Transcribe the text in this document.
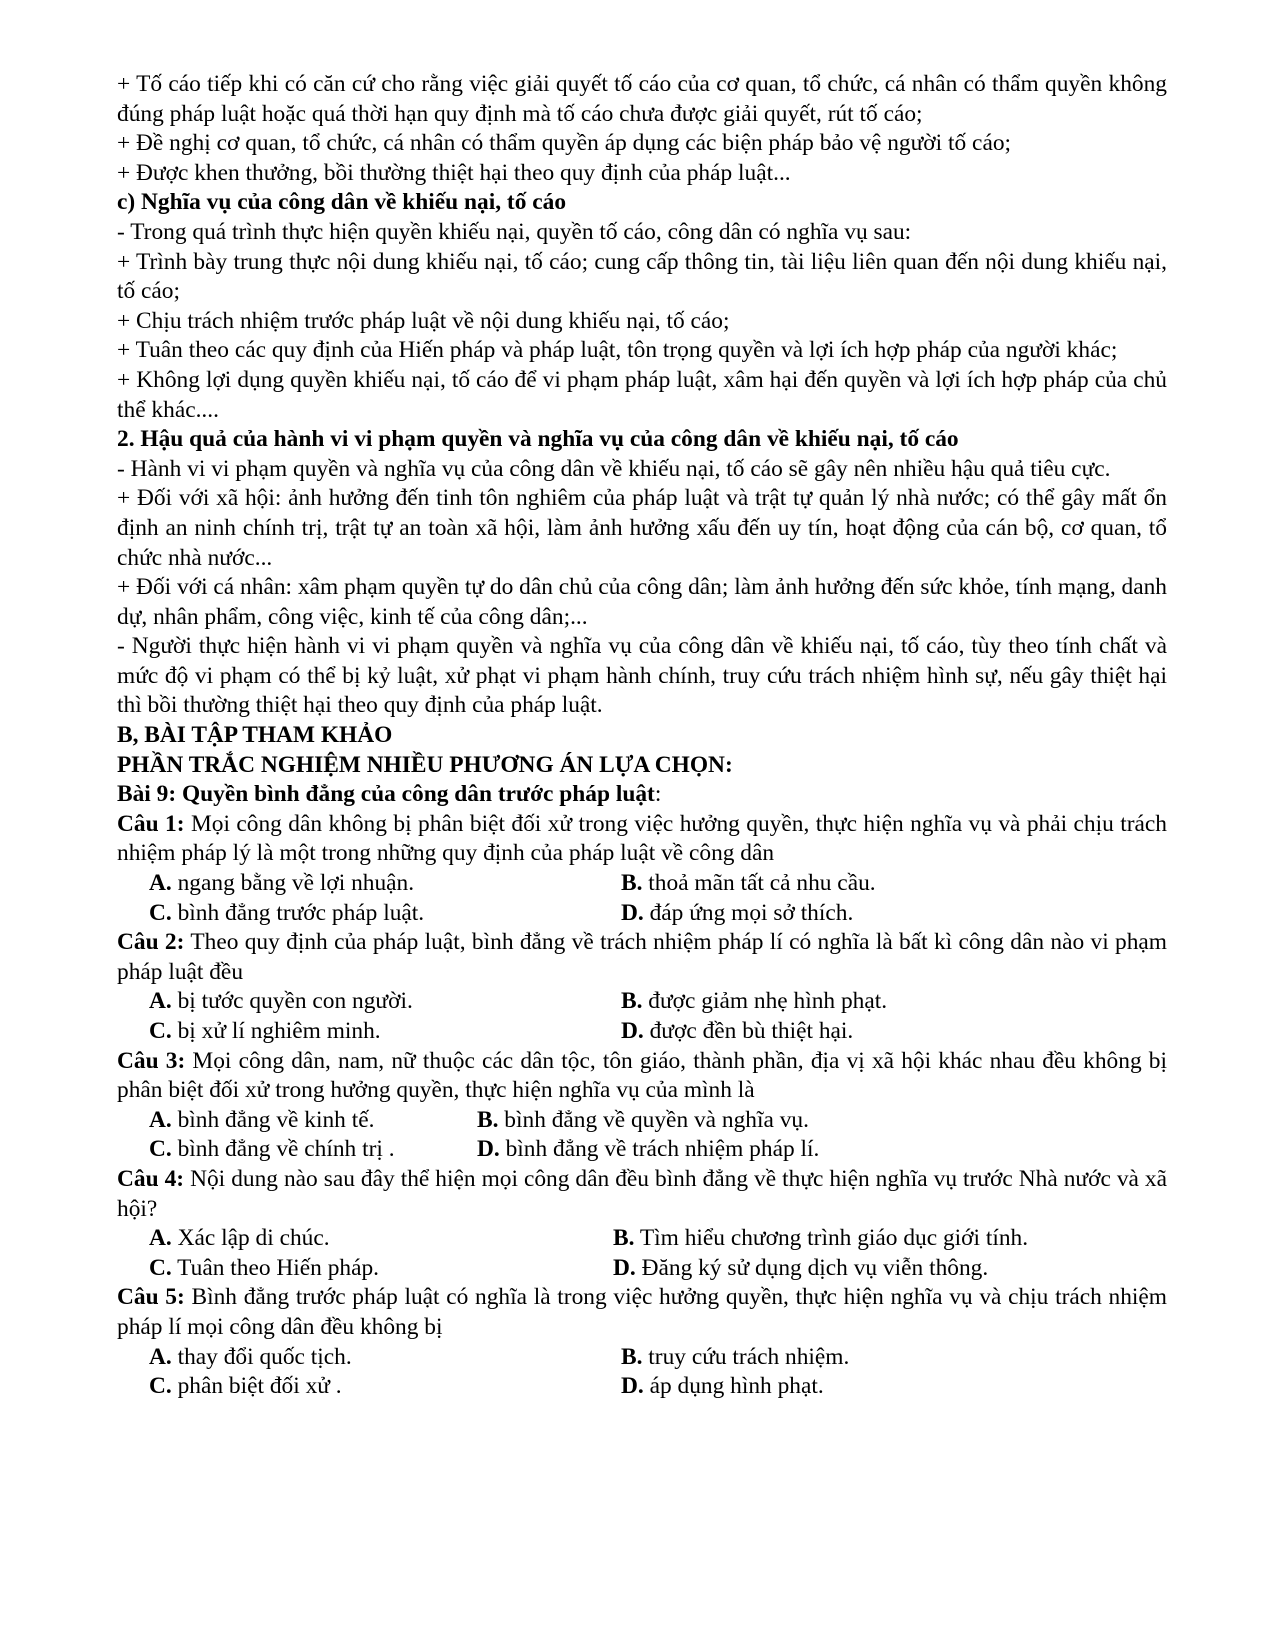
+ Tố cáo tiếp khi có căn cứ cho rằng việc giải quyết tố cáo của cơ quan, tổ chức, cá nhân có thẩm quyền không đúng pháp luật hoặc quá thời hạn quy định mà tố cáo chưa được giải quyết, rút tố cáo;

+ Đề nghị cơ quan, tổ chức, cá nhân có thẩm quyền áp dụng các biện pháp bảo vệ người tố cáo;

+ Được khen thưởng, bồi thường thiệt hại theo quy định của pháp luật...

c) Nghĩa vụ của công dân về khiếu nại, tố cáo

- Trong quá trình thực hiện quyền khiếu nại, quyền tố cáo, công dân có nghĩa vụ sau:

+ Trình bày trung thực nội dung khiếu nại, tố cáo; cung cấp thông tin, tài liệu liên quan đến nội dung khiếu nại, tố cáo;

+ Chịu trách nhiệm trước pháp luật về nội dung khiếu nại, tố cáo;

+ Tuân theo các quy định của Hiến pháp và pháp luật, tôn trọng quyền và lợi ích hợp pháp của người khác;

+ Không lợi dụng quyền khiếu nại, tố cáo để vi phạm pháp luật, xâm hại đến quyền và lợi ích hợp pháp của chủ thể khác....

2. Hậu quả của hành vi vi phạm quyền và nghĩa vụ của công dân về khiếu nại, tố cáo

- Hành vi vi phạm quyền và nghĩa vụ của công dân về khiếu nại, tố cáo sẽ gây nên nhiều hậu quả tiêu cực.

+ Đối với xã hội: ảnh hưởng đến tinh tôn nghiêm của pháp luật và trật tự quản lý nhà nước; có thể gây mất ổn định an ninh chính trị, trật tự an toàn xã hội, làm ảnh hưởng xấu đến uy tín, hoạt động của cán bộ, cơ quan, tổ chức nhà nước...

+ Đối với cá nhân: xâm phạm quyền tự do dân chủ của công dân; làm ảnh hưởng đến sức khỏe, tính mạng, danh dự, nhân phẩm, công việc, kinh tế của công dân;...

- Người thực hiện hành vi vi phạm quyền và nghĩa vụ của công dân về khiếu nại, tố cáo, tùy theo tính chất và mức độ vi phạm có thể bị kỷ luật, xử phạt vi phạm hành chính, truy cứu trách nhiệm hình sự, nếu gây thiệt hại thì bồi thường thiệt hại theo quy định của pháp luật.

B, BÀI TẬP THAM KHẢO

PHẦN TRẮC NGHIỆM NHIỀU PHƯƠNG ÁN LỰA CHỌN:

Bài 9: Quyền bình đẳng của công dân trước pháp luật:

Câu 1: Mọi công dân không bị phân biệt đối xử trong việc hưởng quyền, thực hiện nghĩa vụ và phải chịu trách nhiệm pháp lý là một trong những quy định của pháp luật về công dân

A. ngang bằng về lợi nhuận.	B. thoả mãn tất cả nhu cầu.
C. bình đẳng trước pháp luật.	D. đáp ứng mọi sở thích.

Câu 2: Theo quy định của pháp luật, bình đẳng về trách nhiệm pháp lí có nghĩa là bất kì công dân nào vi phạm pháp luật đều

A. bị tước quyền con người.	B. được giảm nhẹ hình phạt.
C. bị xử lí nghiêm minh.	D. được đền bù thiệt hại.

Câu 3: Mọi công dân, nam, nữ thuộc các dân tộc, tôn giáo, thành phần, địa vị xã hội khác nhau đều không bị phân biệt đối xử trong hưởng quyền, thực hiện nghĩa vụ của mình là

A. bình đẳng về kinh tế.	B. bình đẳng về quyền và nghĩa vụ.
C. bình đẳng về chính trị .	D. bình đẳng về trách nhiệm pháp lí.

Câu 4: Nội dung nào sau đây thể hiện mọi công dân đều bình đẳng về thực hiện nghĩa vụ trước Nhà nước và xã hội?

A. Xác lập di chúc.	B. Tìm hiểu chương trình giáo dục giới tính.
C. Tuân theo Hiến pháp.	D. Đăng ký sử dụng dịch vụ viễn thông.

Câu 5: Bình đẳng trước pháp luật có nghĩa là trong việc hưởng quyền, thực hiện nghĩa vụ và chịu trách nhiệm pháp lí mọi công dân đều không bị

A. thay đổi quốc tịch.	B. truy cứu trách nhiệm.
C. phân biệt đối xử .	D. áp dụng hình phạt.
